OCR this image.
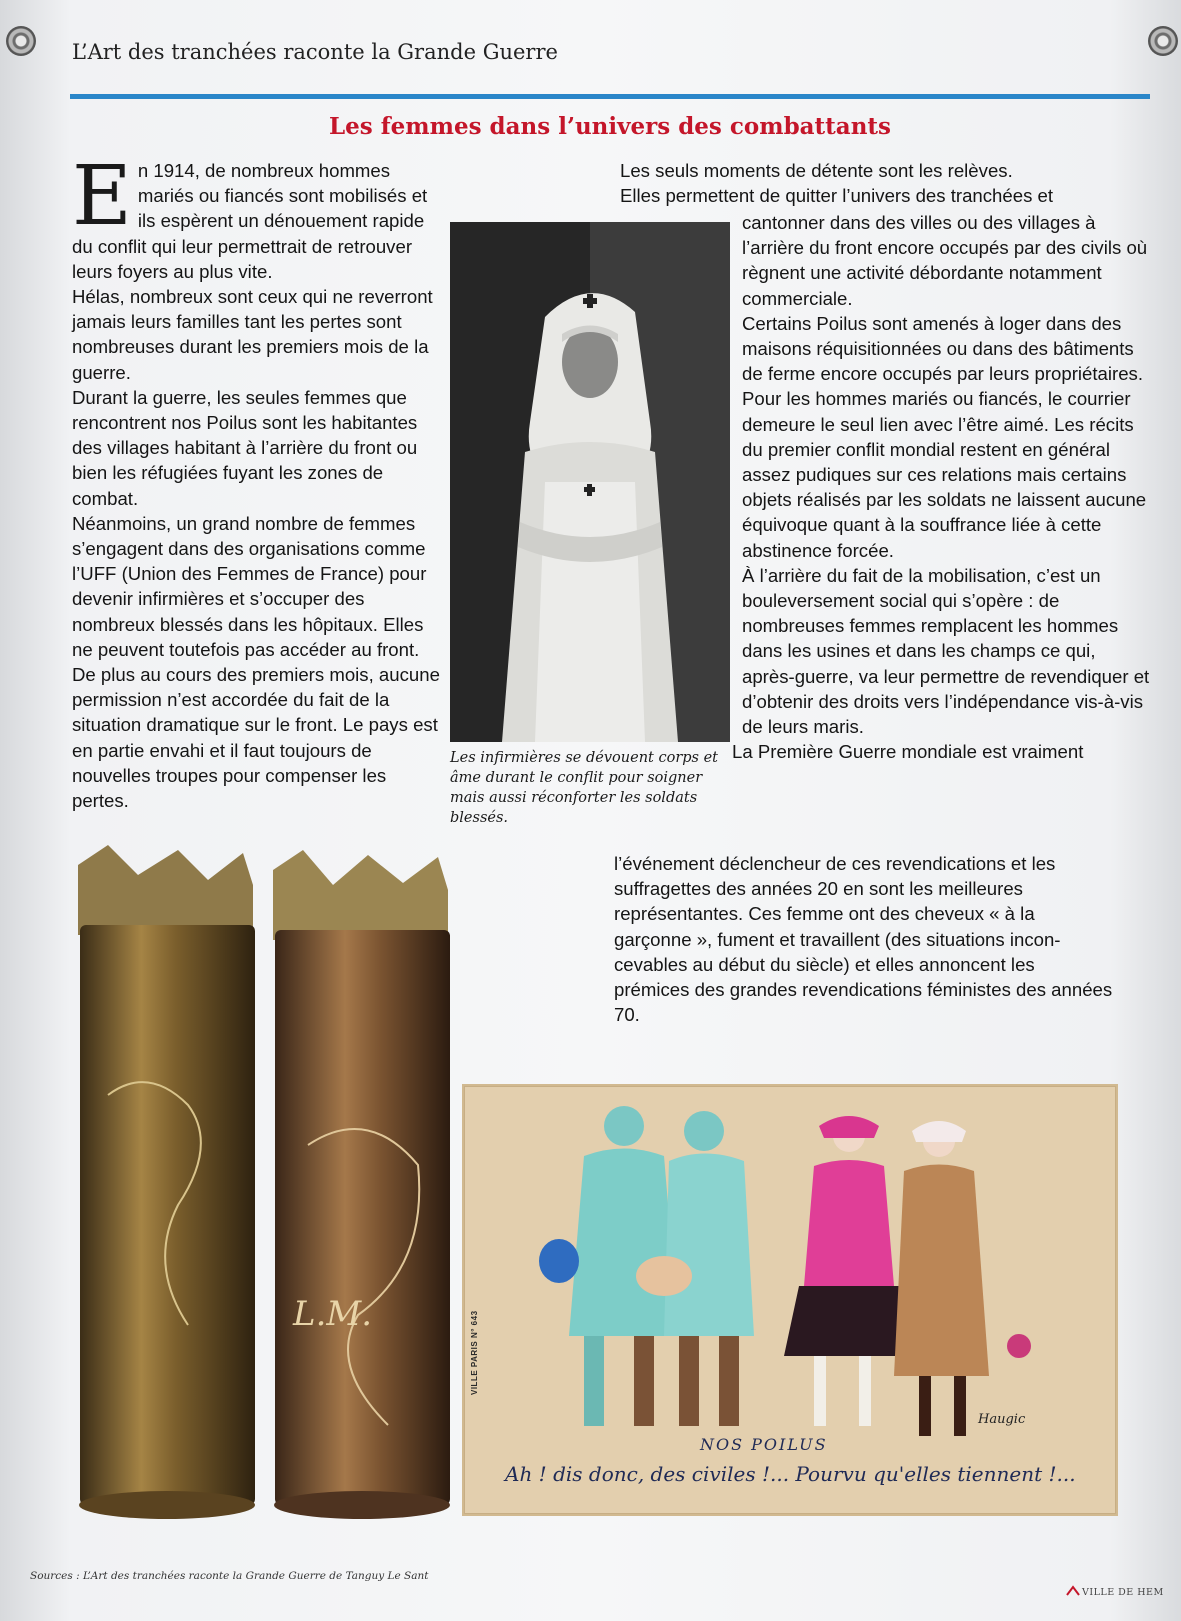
L’Art des tranchées raconte la Grande Guerre
Les femmes dans l’univers des combattants
E n 1914, de nombreux hommes mariés ou fiancés sont mobilisés et ils espèrent un dénouement rapide du conflit qui leur permettrait de retrouver leurs foyers au plus vite.

Hélas, nombreux sont ceux qui ne reverront jamais leurs familles tant les pertes sont nombreuses durant les premiers mois de la guerre.

Durant la guerre, les seules femmes que rencontrent nos Poilus sont les habitantes des villages habitant à l’arrière du front ou bien les réfugiées fuyant les zones de combat.

Néanmoins, un grand nombre de femmes s’engagent dans des organisations comme l’UFF (Union des Femmes de France) pour devenir infirmières et s’occuper des nombreux blessés dans les hôpitaux. Elles ne peuvent toutefois pas accéder au front.

De plus au cours des premiers mois, aucune permission n’est accordée du fait de la situation dramatique sur le front. Le pays est en partie envahi et il faut toujours de nouvelles troupes pour compenser les pertes.

Les seuls moments de détente sont les relèves.

Elles permettent de quitter l’univers des tranchées et

cantonner dans des villes ou des villages à l’arrière du front encore occupés par des civils où règnent une activité débordante notamment commerciale.

Certains Poilus sont amenés à loger dans des maisons réquisitionnées ou dans des bâtiments de ferme encore occupés par leurs propriétaires.

Pour les hommes mariés ou fiancés, le courrier demeure le seul lien avec l’être aimé. Les récits du premier conflit mondial restent en général assez pudiques sur ces relations mais certains objets réalisés par les soldats ne laissent aucune équivoque quant à la souffrance liée à cette abstinence forcée.

À l’arrière du fait de la mobilisation, c’est un bouleversement social qui s’opère : de nombreuses femmes remplacent les hommes dans les usines et dans les champs ce qui, après-guerre, va leur permettre de revendiquer et d’obtenir des droits vers l’indépendance vis-à-vis de leurs maris.

La Première Guerre mondiale est vraiment

l’événement déclencheur de ces revendications et les suffragettes des années 20 en sont les meilleures représentantes. Ces femme ont des cheveux « à la garçonne », fument et travaillent (des situations incon-cevables au début du siècle) et elles annoncent les prémices des grandes revendications féministes des années 70.

Les infirmières se dévouent corps et âme durant le conflit pour soigner mais aussi réconforter les soldats blessés.

L.M.	VILLE PARIS N° 643

NOS POILUS

Ah ! dis donc, des civiles !... Pourvu qu'elles tiennent !...

Haugic

Sources : L’Art des tranchées raconte la Grande Guerre de Tanguy Le Sant

VILLE DE HEM
